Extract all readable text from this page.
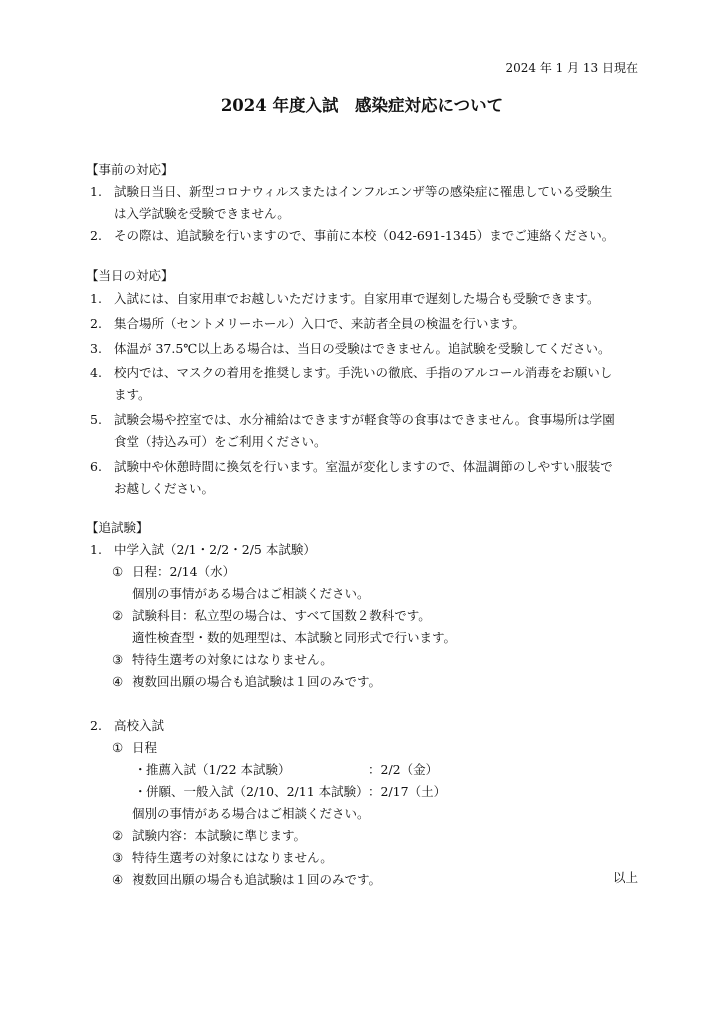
2024 年 1 月 13 日現在
2024 年度入試　感染症対応について
【事前の対応】
1. 試験日当日、新型コロナウィルスまたはインフルエンザ等の感染症に罹患している受験生
は入学試験を受験できません。
2. その際は、追試験を行いますので、事前に本校（042-691-1345）までご連絡ください。
【当日の対応】
1. 入試には、自家用車でお越しいただけます。自家用車で遅刻した場合も受験できます。
2. 集合場所（セントメリーホール）入口で、来訪者全員の検温を行います。
3. 体温が 37.5℃以上ある場合は、当日の受験はできません。追試験を受験してください。
4. 校内では、マスクの着用を推奨します。手洗いの徹底、手指のアルコール消毒をお願いし
ます。
5. 試験会場や控室では、水分補給はできますが軽食等の食事はできません。食事場所は学園
食堂（持込み可）をご利用ください。
6. 試験中や休憩時間に換気を行います。室温が変化しますので、体温調節のしやすい服装で
お越しください。
【追試験】
1. 中学入試（2/1・2/2・2/5 本試験）
① 日程：2/14（水）
個別の事情がある場合はご相談ください。
② 試験科目：私立型の場合は、すべて国数２教科です。
適性検査型・数的処理型は、本試験と同形式で行います。
③ 特待生選考の対象にはなりません。
④ 複数回出願の場合も追試験は１回のみです。
2. 高校入試
① 日程
・ 推薦入試（1/22 本試験）	：2/2（金）
・ 併願、一般入試（2/10、2/11 本試験） ：2/17（土）
個別の事情がある場合はご相談ください。
② 試験内容：本試験に準じます。
③ 特待生選考の対象にはなりません。
④ 複数回出願の場合も追試験は１回のみです。	以上
